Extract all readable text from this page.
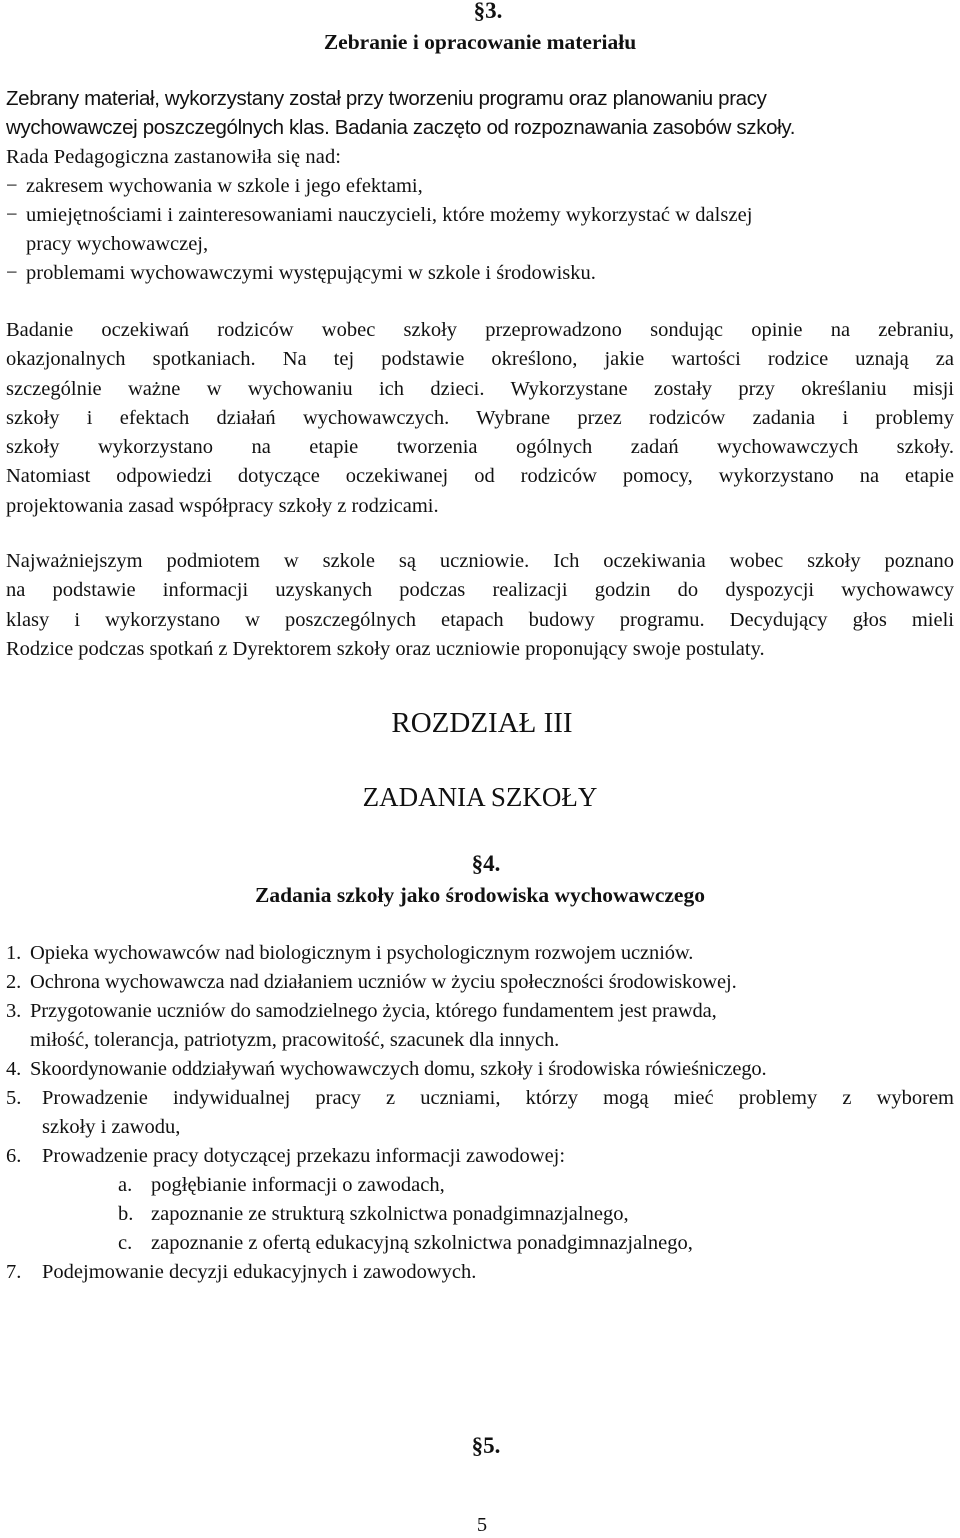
§3.
Zebranie i opracowanie materiału
Zebrany materiał, wykorzystany został przy tworzeniu programu oraz planowaniu pracy
wychowawczej poszczególnych klas. Badania zaczęto od rozpoznawania zasobów szkoły.
Rada Pedagogiczna zastanowiła się nad:
− zakresem wychowania w szkole i jego efektami,
− umiejętnościami i zainteresowaniami nauczycieli, które możemy wykorzystać w dalszej
pracy wychowawczej,
− problemami wychowawczymi występującymi w szkole i środowisku.
Badanie oczekiwań rodziców wobec szkoły przeprowadzono sondując opinie na zebraniu,
okazjonalnych spotkaniach. Na tej podstawie określono, jakie wartości rodzice uznają za
szczególnie ważne w wychowaniu ich dzieci. Wykorzystane zostały przy określaniu misji
szkoły i efektach działań wychowawczych. Wybrane przez rodziców zadania i problemy
szkoły wykorzystano na etapie tworzenia ogólnych zadań wychowawczych szkoły.
Natomiast odpowiedzi dotyczące oczekiwanej od rodziców pomocy, wykorzystano na etapie
projektowania zasad współpracy szkoły z rodzicami.
Najważniejszym podmiotem w szkole są uczniowie. Ich oczekiwania wobec szkoły poznano
na podstawie informacji uzyskanych podczas realizacji godzin do dyspozycji wychowawcy
klasy i wykorzystano w poszczególnych etapach budowy programu. Decydujący głos mieli
Rodzice podczas spotkań z Dyrektorem szkoły oraz uczniowie proponujący swoje postulaty.
ROZDZIAŁ III
ZADANIA SZKOŁY
§4.
Zadania szkoły jako środowiska wychowawczego
1. Opieka wychowawców nad biologicznym i psychologicznym rozwojem uczniów.
2. Ochrona wychowawcza nad działaniem uczniów w życiu społeczności środowiskowej.
3. Przygotowanie uczniów do samodzielnego życia, którego fundamentem jest prawda,
miłość, tolerancja, patriotyzm, pracowitość, szacunek dla innych.
4. Skoordynowanie oddziaływań wychowawczych domu, szkoły i środowiska rówieśniczego.
5.	Prowadzenie indywidualnej pracy z uczniami, którzy mogą mieć problemy z wyborem
szkoły i zawodu,
6. Prowadzenie pracy dotyczącej przekazu informacji zawodowej:
a. pogłębianie informacji o zawodach,
b. zapoznanie ze strukturą szkolnictwa ponadgimnazjalnego,
c. zapoznanie z ofertą edukacyjną szkolnictwa ponadgimnazjalnego,
7. Podejmowanie decyzji edukacyjnych i zawodowych.
§5.
5
